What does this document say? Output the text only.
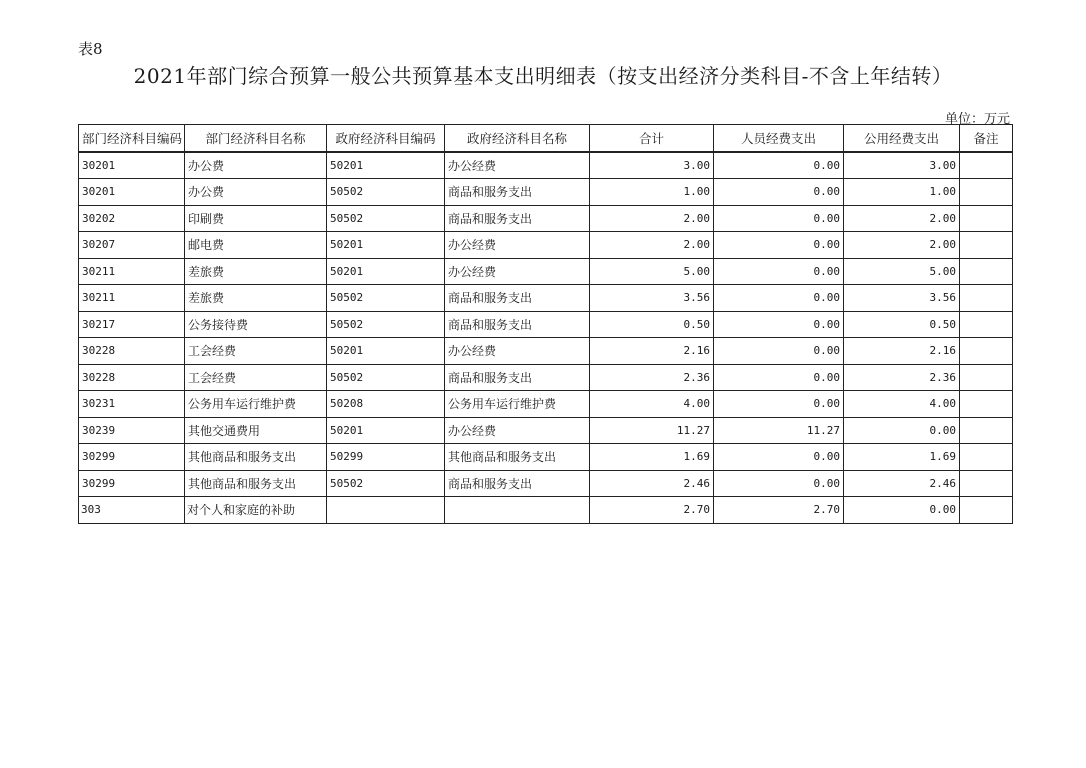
表8
2021年部门综合预算一般公共预算基本支出明细表（按支出经济分类科目-不含上年结转）
单位：万元
部门经济科目编码	部门经济科目名称	政府经济科目编码	政府经济科目名称	合计	人员经费支出	公用经费支出	备注
30201	办公费	50201	办公经费	3.00	0.00	3.00	
30201	办公费	50502	商品和服务支出	1.00	0.00	1.00	
30202	印刷费	50502	商品和服务支出	2.00	0.00	2.00	
30207	邮电费	50201	办公经费	2.00	0.00	2.00	
30211	差旅费	50201	办公经费	5.00	0.00	5.00	
30211	差旅费	50502	商品和服务支出	3.56	0.00	3.56	
30217	公务接待费	50502	商品和服务支出	0.50	0.00	0.50	
30228	工会经费	50201	办公经费	2.16	0.00	2.16	
30228	工会经费	50502	商品和服务支出	2.36	0.00	2.36	
30231	公务用车运行维护费	50208	公务用车运行维护费	4.00	0.00	4.00	
30239	其他交通费用	50201	办公经费	11.27	11.27	0.00	
30299	其他商品和服务支出	50299	其他商品和服务支出	1.69	0.00	1.69	
30299	其他商品和服务支出	50502	商品和服务支出	2.46	0.00	2.46	
303	对个人和家庭的补助			2.70	2.70	0.00	
